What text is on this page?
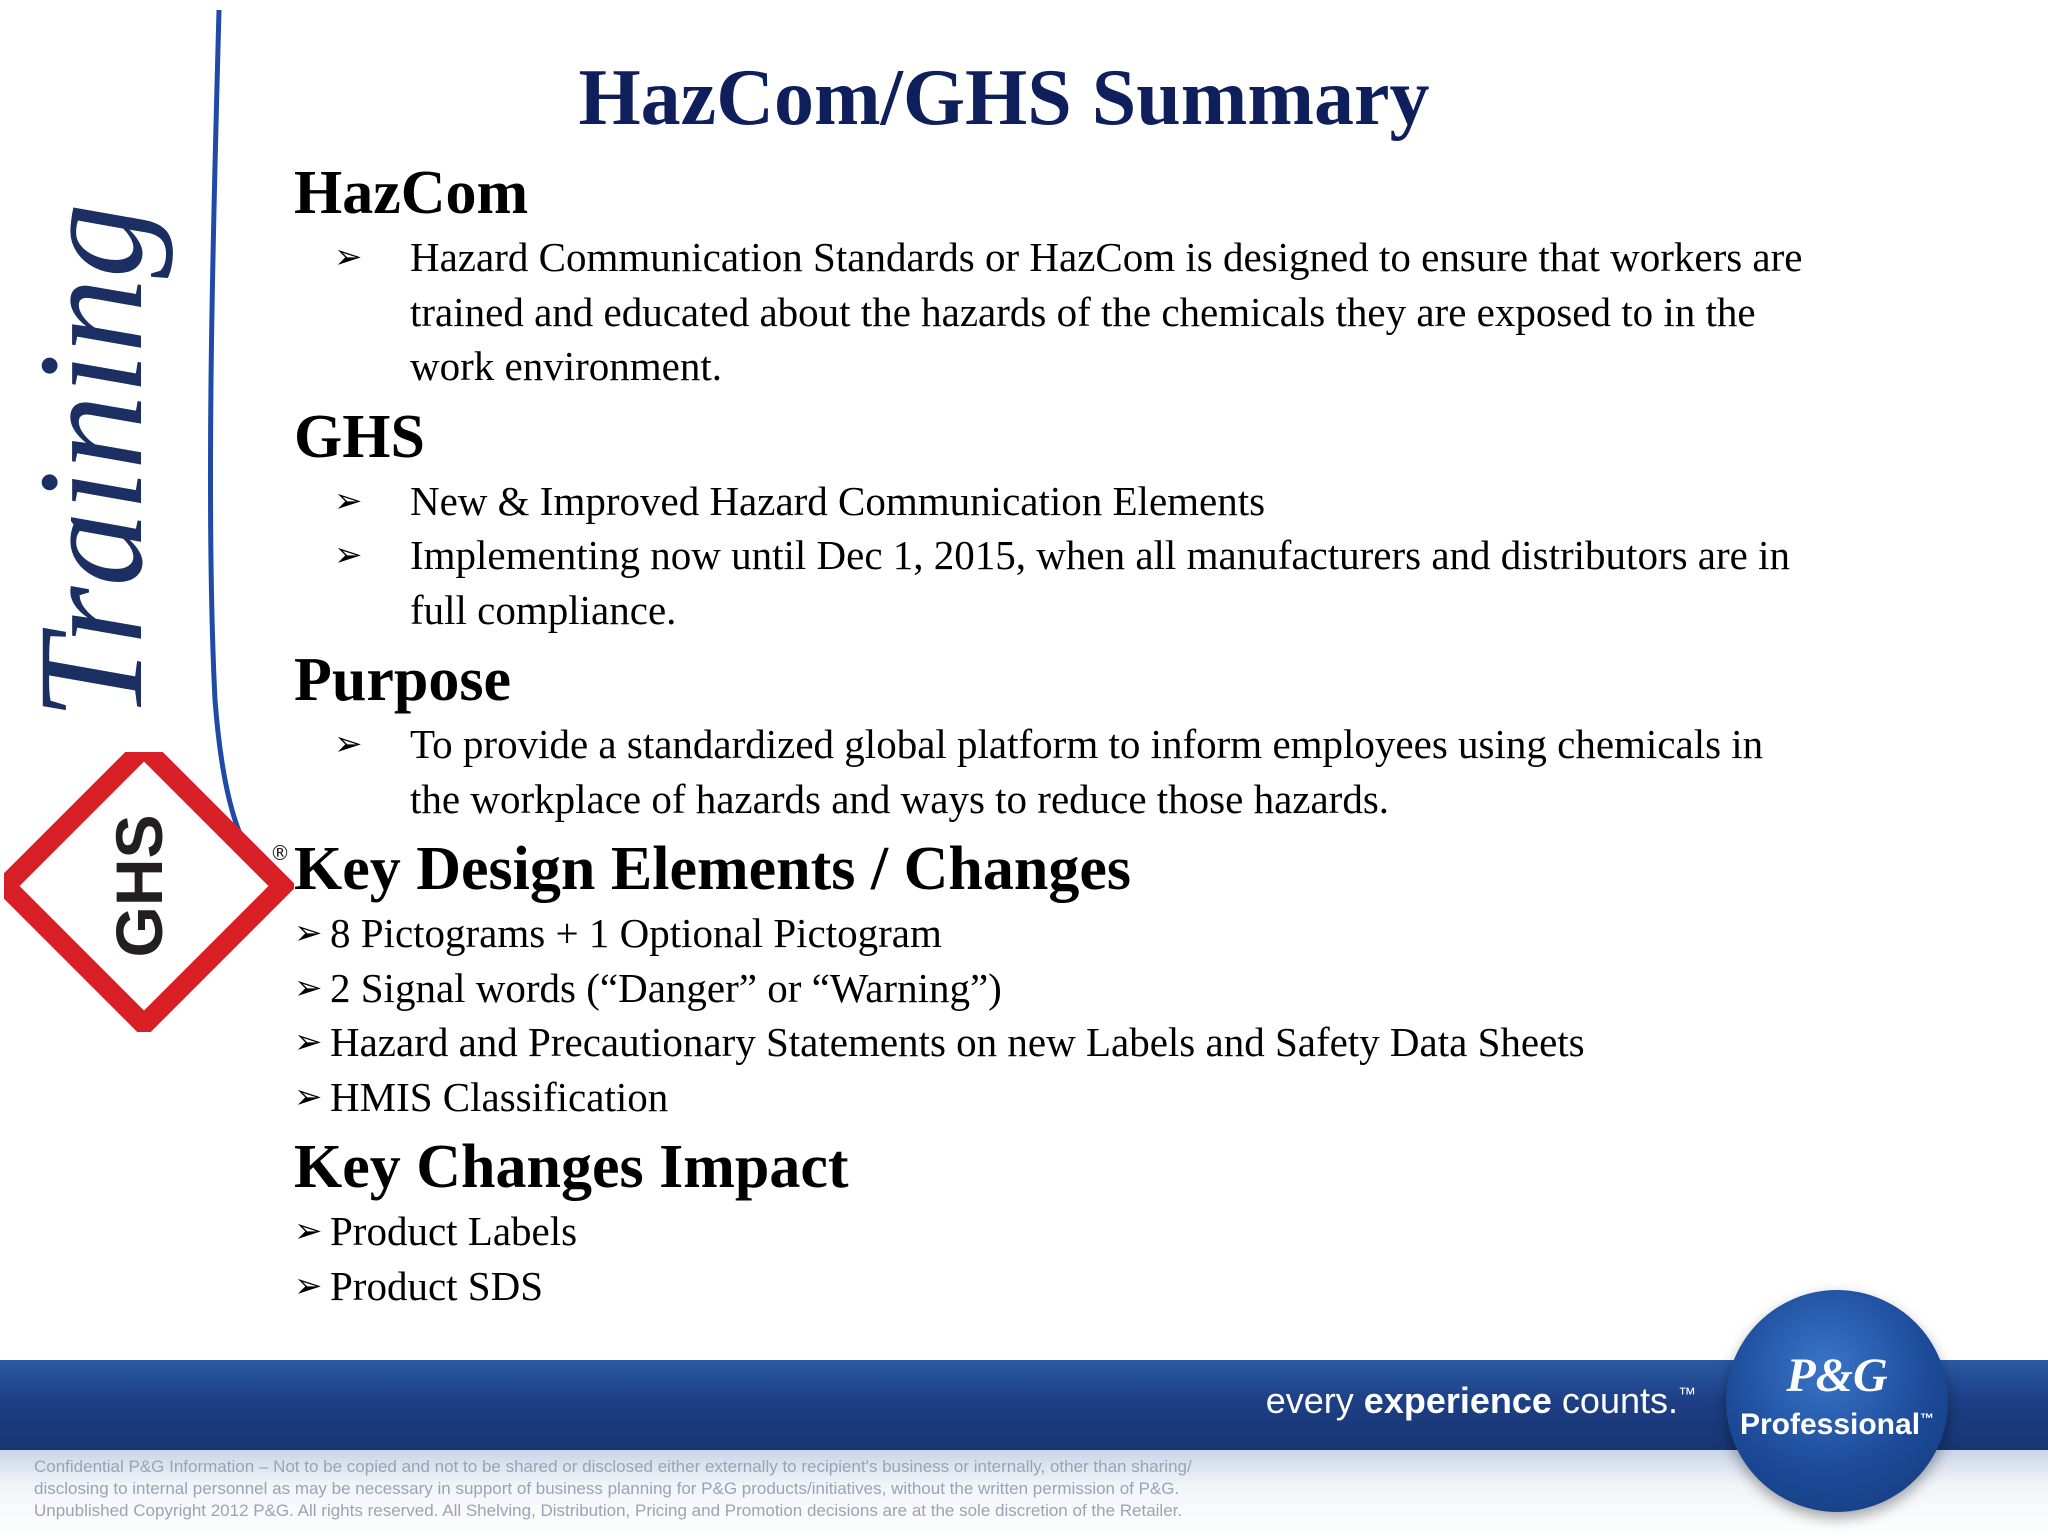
HazCom/GHS Summary
Training
GHS	®
HazCom
➢ Hazard Communication Standards or HazCom is designed to ensure that workers are
trained and educated about the hazards of the chemicals they are exposed to in the
work environment.
GHS
➢ New & Improved Hazard Communication Elements
➢ Implementing now until Dec 1, 2015, when all manufacturers and distributors are in
full compliance.
Purpose
➢ To provide a standardized global platform to inform employees using chemicals in
the workplace of hazards and ways to reduce those hazards.
Key Design Elements / Changes
➢ 8 Pictograms + 1 Optional Pictogram
➢ 2 Signal words (“Danger” or “Warning”)
➢ Hazard and Precautionary Statements on new Labels and Safety Data Sheets
➢ HMIS Classification
Key Changes Impact
➢ Product Labels
➢ Product SDS
every experience counts.™
Confidential P&G Information – Not to be copied and not to be shared or disclosed either externally to recipient's business or internally, other than sharing/
disclosing to internal personnel as may be necessary in support of business planning for P&G products/initiatives, without the written permission of P&G.
Unpublished Copyright 2012 P&G. All rights reserved. All Shelving, Distribution, Pricing and Promotion decisions are at the sole discretion of the Retailer.
P&G
Professional™
